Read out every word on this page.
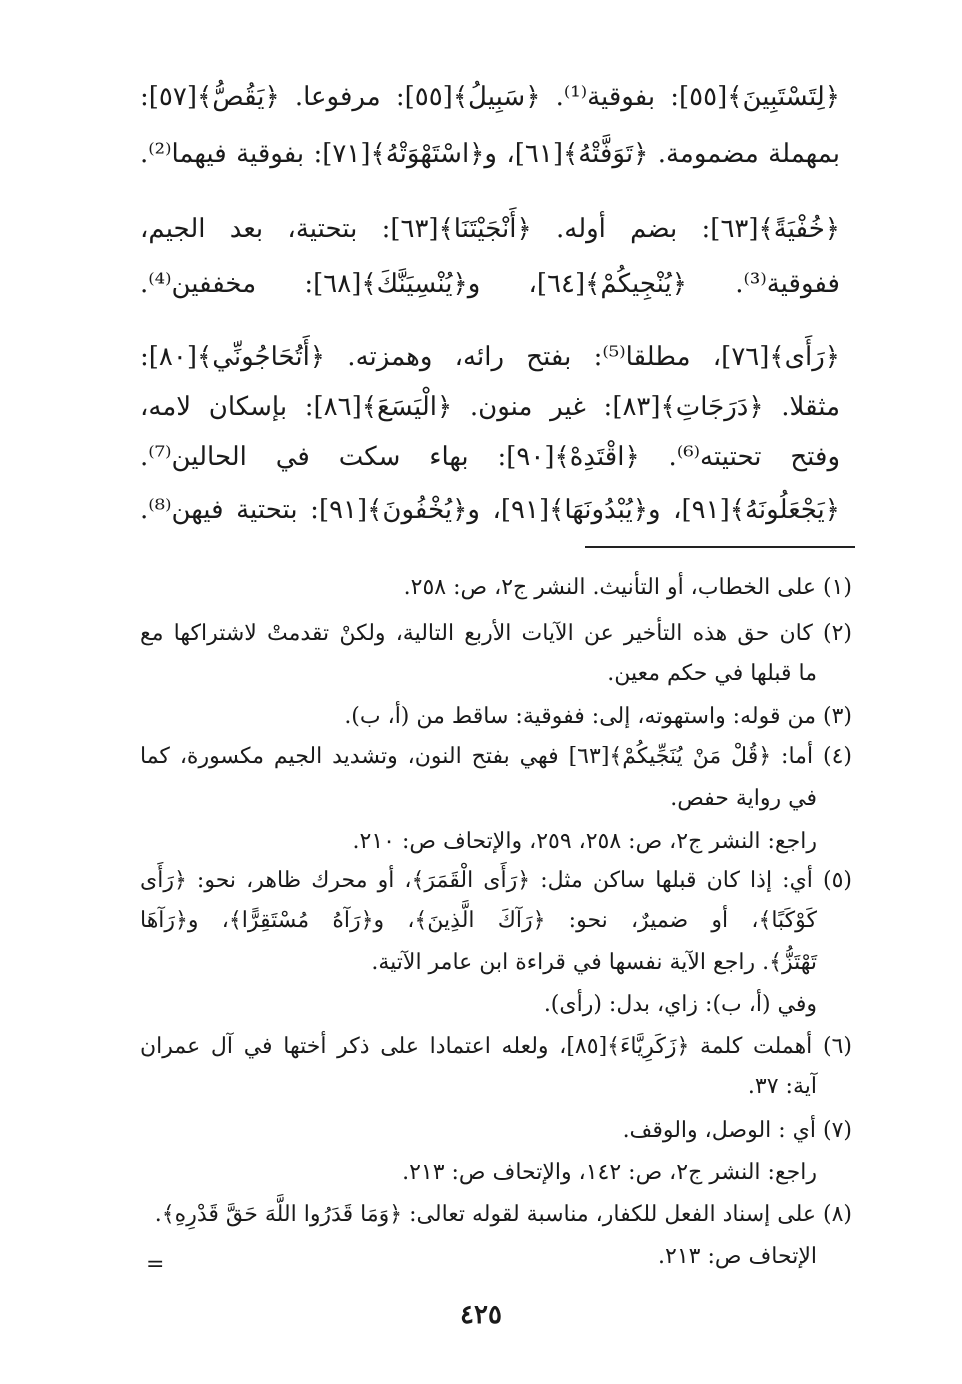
﴿لِتَسْتَبِينَ﴾[٥٥]: بفوقية⁽¹⁾. ﴿سَبِيلُ﴾[٥٥]: مرفوعا. ﴿يَقُصُّ﴾[٥٧]:
بمهملة مضمومة. ﴿تَوَفَّتْهُ﴾[٦١]، و﴿اسْتَهْوَتْهُ﴾[٧١]: بفوقية فيهما⁽²⁾.
﴿خُفْيَةً﴾[٦٣]: بضم أوله. ﴿أَنْجَيْتَنَا﴾[٦٣]: بتحتية، بعد الجيم،
ففوقية⁽³⁾. ﴿يُنْجِيكُمْ﴾[٦٤]، و﴿يُنْسِيَنَّكَ﴾[٦٨]: مخففين⁽⁴⁾.
﴿رَأَى﴾[٧٦]، مطلقا⁽⁵⁾: بفتح رائه، وهمزته. ﴿أَتُحَاجُونِّي﴾[٨٠]:
مثقلا. ﴿دَرَجَاتِ﴾[٨٣]: غير منون. ﴿الْيَسَعَ﴾[٨٦]: بإسكان لامه،
وفتح تحتيته⁽⁶⁾. ﴿اقْتَدِهْ﴾[٩٠]: بهاء سكت في الحالين⁽⁷⁾.
﴿يَجْعَلُونَهُ﴾[٩١]، و﴿يُبْدُونَهَا﴾[٩١]، و﴿يُخْفُونَ﴾[٩١]: بتحتية فيهن⁽⁸⁾.
(١) على الخطاب، أو التأنيث. النشر ج٢، ص: ٢٥٨.
(٢) كان حق هذه التأخير عن الآيات الأربع التالية، ولكنْ تقدمتْ لاشتراكها مع
ما قبلها في حكم معين.
(٣) من قوله: واستهوته، إلى: ففوقية: ساقط من (أ، ب).
(٤) أما: ﴿قُلْ مَنْ يُنَجِّيكُمْ﴾[٦٣] فهي بفتح النون، وتشديد الجيم مكسورة، كما
في رواية حفص.
راجع: النشر ج٢، ص: ٢٥٨، ٢٥٩، والإتحاف ص: ٢١٠.
(٥) أي: إذا كان قبلها ساكن مثل: ﴿رَأَى الْقَمَرَ﴾، أو محرك ظاهر، نحو: ﴿رَأَى
كَوْكَبًا﴾، أو ضميرٌ، نحو: ﴿رَآكَ الَّذِينَ﴾، و﴿رَآهُ مُسْتَقِرًّا﴾، و﴿رَآهَا
تَهْتَزُّ﴾. راجع الآية نفسها في قراءة ابن عامر الآتية.
وفي (أ، ب): زاي، بدل: (رأى).
(٦) أهملت كلمة ﴿زَكَرِيَّاءَ﴾[٨٥]، ولعله اعتمادا على ذكر أختها في آل عمران
آية: ٣٧.
(٧) أي : الوصل، والوقف.
راجع: النشر ج٢، ص: ١٤٢، والإتحاف ص: ٢١٣.
(٨) على إسناد الفعل للكفار، مناسبة لقوله تعالى: ﴿وَمَا قَدَرُوا اللَّهَ حَقَّ قَدْرِهِ﴾.
الإتحاف ص: ٢١٣.
=
٤٢٥
